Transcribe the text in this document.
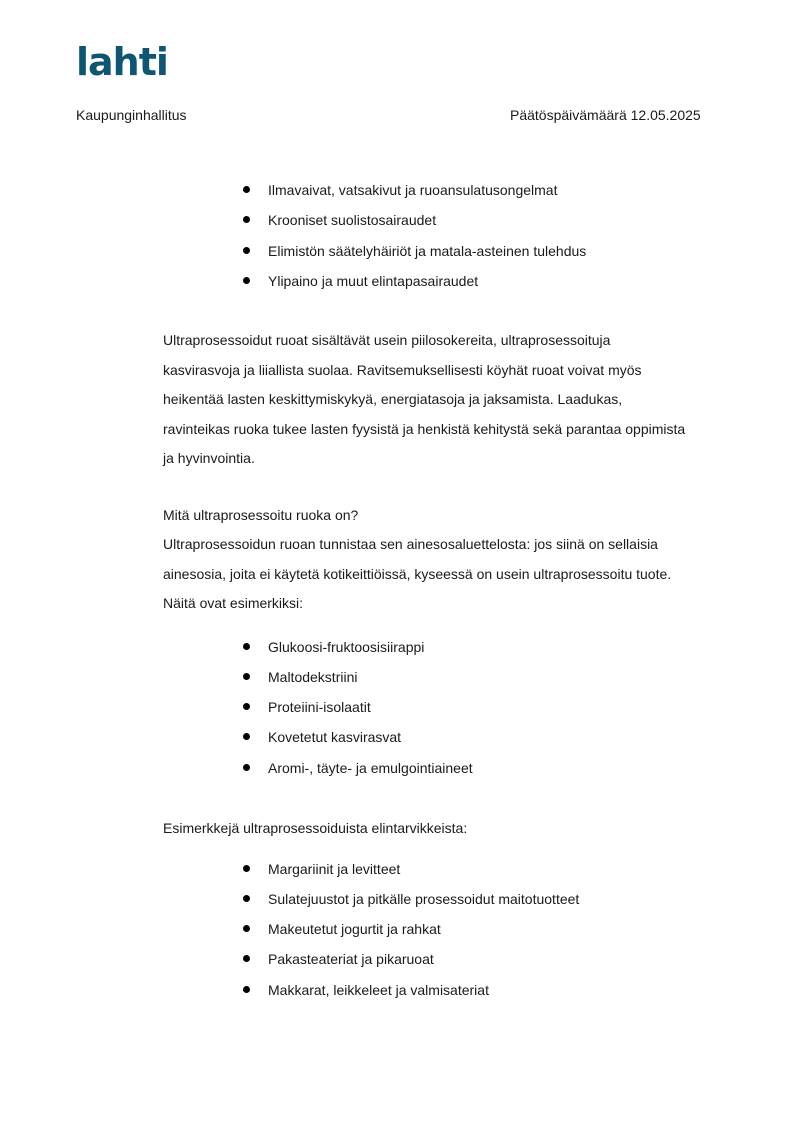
lahti
Kaupunginhallitus	Päätöspäivämäärä 12.05.2025
Ilmavaivat, vatsakivut ja ruoansulatusongelmat
Krooniset suolistosairaudet
Elimistön säätelyhäiriöt ja matala-asteinen tulehdus
Ylipaino ja muut elintapasairaudet
Ultraprosessoidut ruoat sisältävät usein piilosokereita, ultraprosessoituja
kasvirasvoja ja liiallista suolaa. Ravitsemuksellisesti köyhät ruoat voivat myös
heikentää lasten keskittymiskykyä, energiatasoja ja jaksamista. Laadukas,
ravinteikas ruoka tukee lasten fyysistä ja henkistä kehitystä sekä parantaa oppimista
ja hyvinvointia.
Mitä ultraprosessoitu ruoka on?
Ultraprosessoidun ruoan tunnistaa sen ainesosaluettelosta: jos siinä on sellaisia
ainesosia, joita ei käytetä kotikeittiöissä, kyseessä on usein ultraprosessoitu tuote.
Näitä ovat esimerkiksi:
Glukoosi-fruktoosisiirappi
Maltodekstriini
Proteiini-isolaatit
Kovetetut kasvirasvat
Aromi-, täyte- ja emulgointiaineet
Esimerkkejä ultraprosessoiduista elintarvikkeista:
Margariinit ja levitteet
Sulatejuustot ja pitkälle prosessoidut maitotuotteet
Makeutetut jogurtit ja rahkat
Pakasteateriat ja pikaruoat
Makkarat, leikkeleet ja valmisateriat
